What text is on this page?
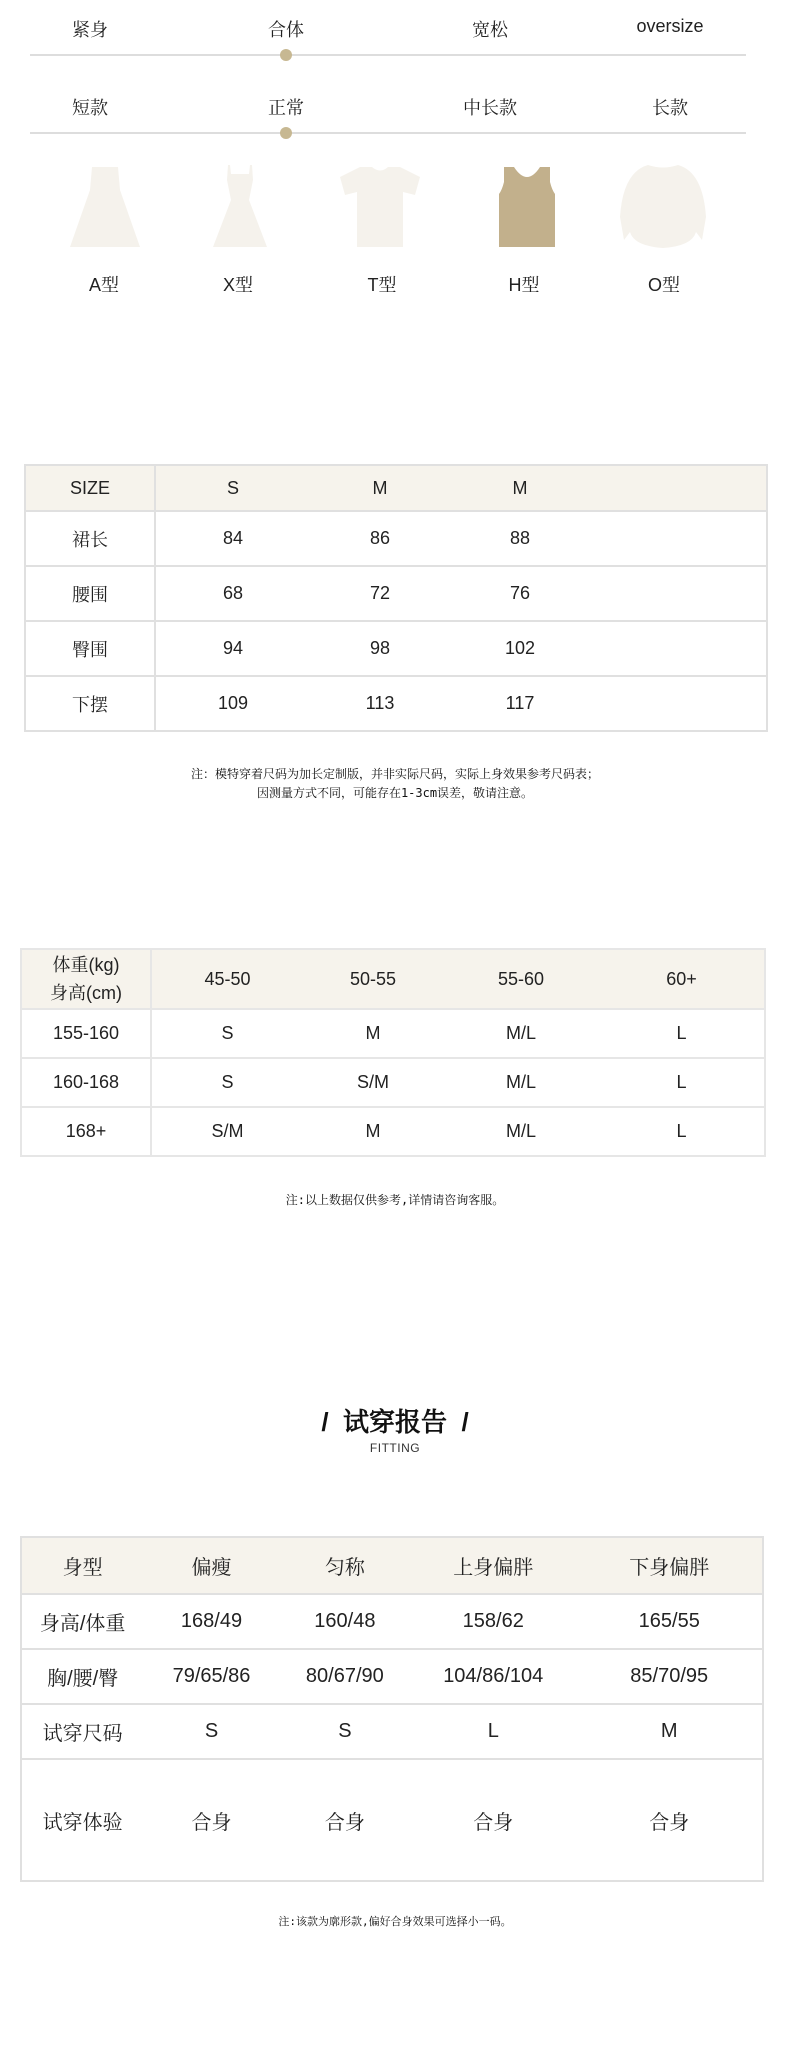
紧身	合体	宽松	oversize
短款	正常	中长款	长款
A型	X型	T型	H型	O型
SIZE	S	M	M	
裙长	84	86	88	
腰围	68	72	76	
臀围	94	98	102	
下摆	109	113	117	
注：模特穿着尺码为加长定制版，并非实际尺码，实际上身效果参考尺码表；
因测量方式不同，可能存在1-3cm误差，敬请注意。
体重(kg)
身高(cm)	45-50	50-55	55-60	60+
155-160	S	M	M/L	L
160-168	S	S/M	M/L	L
168+	S/M	M	M/L	L
注:以上数据仅供参考,详情请咨询客服。
/  试穿报告  /
FITTING
身型	偏瘦	匀称	上身偏胖	下身偏胖
身高/体重	168/49	160/48	158/62	165/55
胸/腰/臀	79/65/86	80/67/90	104/86/104	85/70/95
试穿尺码	S	S	L	M
试穿体验	合身	合身	合身	合身
注:该款为廓形款,偏好合身效果可选择小一码。
